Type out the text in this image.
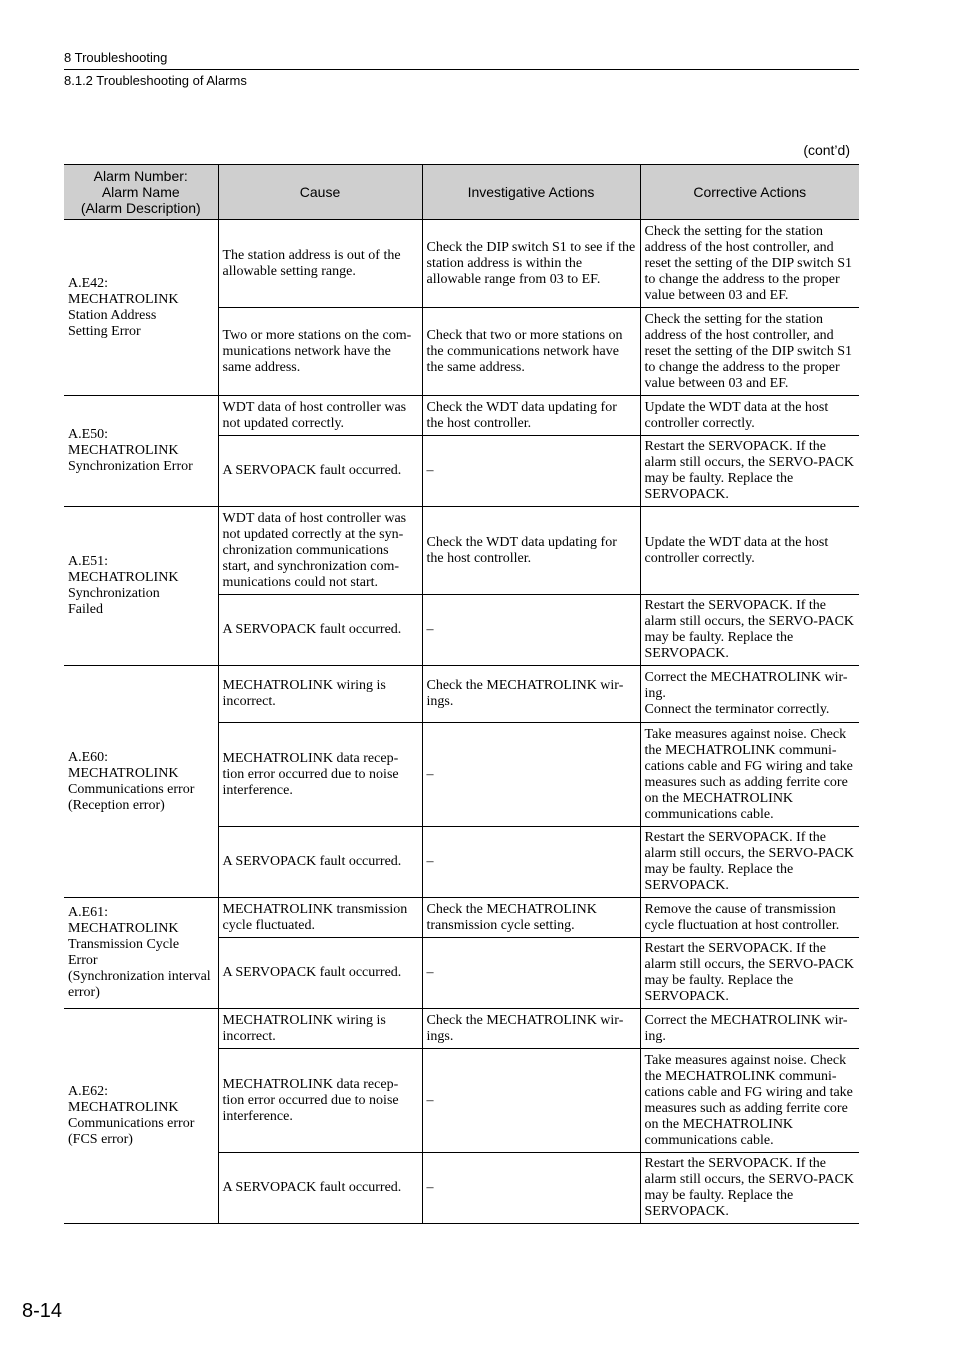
8 Troubleshooting
8.1.2 Troubleshooting of Alarms
(cont’d)
Alarm Number:
Alarm Name
(Alarm Description)	Cause	Investigative Actions	Corrective Actions

A.E42:
MECHATROLINK
Station Address
Setting Error	The station address is out of the allowable setting range.	Check the DIP switch S1 to see if the station address is within the allowable range from 03 to EF.	Check the setting for the station address of the host controller, and reset the setting of the DIP switch S1 to change the address to the proper value between 03 and EF.
	Two or more stations on the com-munications network have the same address.	Check that two or more stations on the communications network have the same address.	Check the setting for the station address of the host controller, and reset the setting of the DIP switch S1 to change the address to the proper value between 03 and EF.

A.E50:
MECHATROLINK
Synchronization Error	WDT data of host controller was not updated correctly.	Check the WDT data updating for the host controller.	Update the WDT data at the host controller correctly.
	A SERVOPACK fault occurred.	–	Restart the SERVOPACK. If the alarm still occurs, the SERVO-PACK may be faulty. Replace the SERVOPACK.

A.E51:
MECHATROLINK
Synchronization
Failed	WDT data of host controller was not updated correctly at the syn-chronization communications start, and synchronization com-munications could not start.	Check the WDT data updating for the host controller.	Update the WDT data at the host controller correctly.
	A SERVOPACK fault occurred.	–	Restart the SERVOPACK. If the alarm still occurs, the SERVO-PACK may be faulty. Replace the SERVOPACK.

A.E60:
MECHATROLINK
Communications error
(Reception error)	MECHATROLINK wiring is incorrect.	Check the MECHATROLINK wir-ings.	Correct the MECHATROLINK wir-ing.
Connect the terminator correctly.
	MECHATROLINK data recep-tion error occurred due to noise interference.	–	Take measures against noise. Check the MECHATROLINK communi-cations cable and FG wiring and take measures such as adding ferrite core on the MECHATROLINK communications cable.
	A SERVOPACK fault occurred.	–	Restart the SERVOPACK. If the alarm still occurs, the SERVO-PACK may be faulty. Replace the SERVOPACK.

A.E61:
MECHATROLINK
Transmission Cycle
Error
(Synchronization interval error)	MECHATROLINK transmission cycle fluctuated.	Check the MECHATROLINK transmission cycle setting.	Remove the cause of transmission cycle fluctuation at host controller.
	A SERVOPACK fault occurred.	–	Restart the SERVOPACK. If the alarm still occurs, the SERVO-PACK may be faulty. Replace the SERVOPACK.

A.E62:
MECHATROLINK
Communications error
(FCS error)	MECHATROLINK wiring is incorrect.	Check the MECHATROLINK wir-ings.	Correct the MECHATROLINK wir-ing.
	MECHATROLINK data recep-tion error occurred due to noise interference.	–	Take measures against noise. Check the MECHATROLINK communi-cations cable and FG wiring and take measures such as adding ferrite core on the MECHATROLINK communications cable.
	A SERVOPACK fault occurred.	–	Restart the SERVOPACK. If the alarm still occurs, the SERVO-PACK may be faulty. Replace the SERVOPACK.
8-14
